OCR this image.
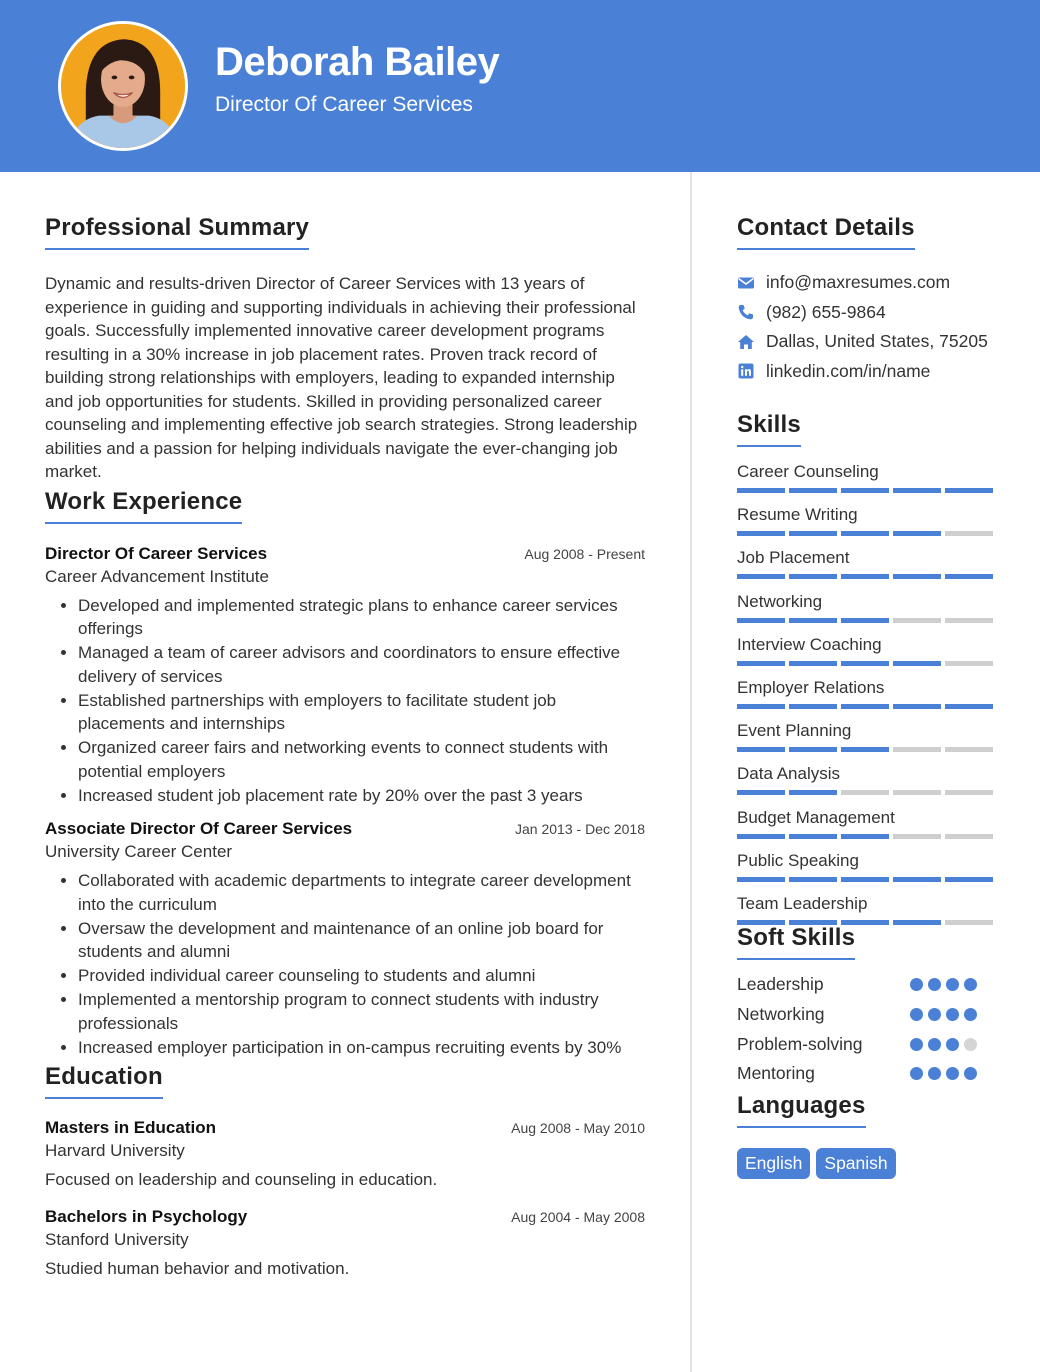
Deborah Bailey
Director Of Career Services
Professional Summary

Dynamic and results-driven Director of Career Services with 13 years of experience in guiding and supporting individuals in achieving their professional goals. Successfully implemented innovative career development programs resulting in a 30% increase in job placement rates. Proven track record of building strong relationships with employers, leading to expanded internship and job opportunities for students. Skilled in providing personalized career counseling and implementing effective job search strategies. Strong leadership abilities and a passion for helping individuals navigate the ever-changing job market.

Work Experience
Director Of Career Services	Aug 2008 - Present
Career Advancement Institute
• Developed and implemented strategic plans to enhance career services offerings
• Managed a team of career advisors and coordinators to ensure effective delivery of services
• Established partnerships with employers to facilitate student job placements and internships
• Organized career fairs and networking events to connect students with potential employers
• Increased student job placement rate by 20% over the past 3 years
Associate Director Of Career Services	Jan 2013 - Dec 2018
University Career Center
• Collaborated with academic departments to integrate career development into the curriculum
• Oversaw the development and maintenance of an online job board for students and alumni
• Provided individual career counseling to students and alumni
• Implemented a mentorship program to connect students with industry professionals
• Increased employer participation in on-campus recruiting events by 30%
Education
Masters in Education	Aug 2008 - May 2010
Harvard University
Focused on leadership and counseling in education.
Bachelors in Psychology	Aug 2004 - May 2008
Stanford University
Studied human behavior and motivation.
Contact Details
info@maxresumes.com
(982) 655-9864
Dallas, United States, 75205
linkedin.com/in/name
Skills
Career Counseling
Resume Writing
Job Placement
Networking
Interview Coaching
Employer Relations
Event Planning
Data Analysis
Budget Management
Public Speaking
Team Leadership
Soft Skills
Leadership
Networking
Problem-solving
Mentoring
Languages
English	Spanish
